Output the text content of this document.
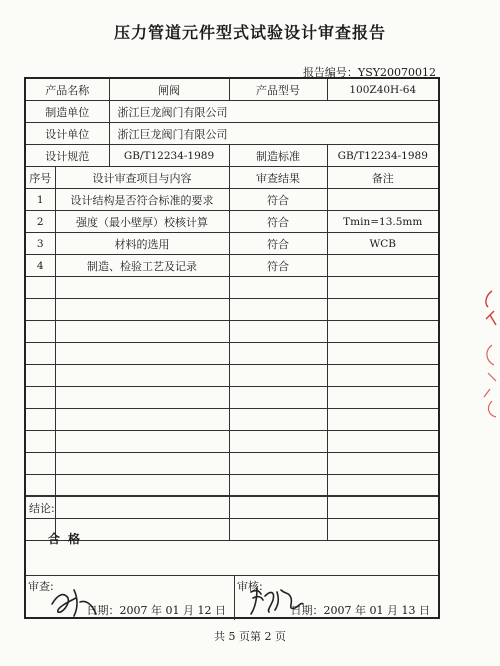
压力管道元件型式试验设计审查报告
报告编号：YSY20070012
产品名称		闸阀	产品型号	100Z40H-64
制造单位		浙江巨龙阀门有限公司		
设计单位		浙江巨龙阀门有限公司		
设计规范		GB/T12234-1989	制造标准	GB/T12234-1989
序号	设计审查项目与内容		审查结果	备注
1	设计结构是否符合标准的要求		符合	
2	强度（最小壁厚）校核计算		符合	Tmin=13.5mm
3	材料的选用		符合	WCB
4	制造、检验工艺及记录		符合	

结论:
合格
审查:
日期：2007 年 01 月 12 日
审核:
日期：2007 年 01 月 13 日
共 5 页第 2 页
